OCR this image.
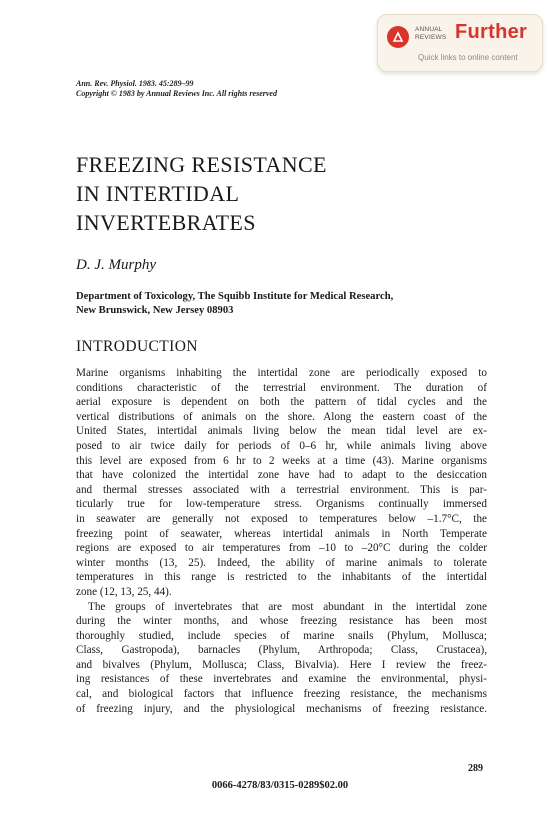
ANNUAL
REVIEWS Further
Quick links to online content
Ann. Rev. Physiol. 1983. 45:289–99
Copyright © 1983 by Annual Reviews Inc. All rights reserved
FREEZING RESISTANCE
IN INTERTIDAL
INVERTEBRATES
D. J. Murphy
Department of Toxicology, The Squibb Institute for Medical Research,
New Brunswick, New Jersey 08903
INTRODUCTION
Marine organisms inhabiting the intertidal zone are periodically exposed to
conditions characteristic of the terrestrial environment. The duration of
aerial exposure is dependent on both the pattern of tidal cycles and the
vertical distributions of animals on the shore. Along the eastern coast of the
United States, intertidal animals living below the mean tidal level are ex-
posed to air twice daily for periods of 0–6 hr, while animals living above
this level are exposed from 6 hr to 2 weeks at a time (43). Marine organisms
that have colonized the intertidal zone have had to adapt to the desiccation
and thermal stresses associated with a terrestrial environment. This is par-
ticularly true for low-temperature stress. Organisms continually immersed
in seawater are generally not exposed to temperatures below –1.7°C, the
freezing point of seawater, whereas intertidal animals in North Temperate
regions are exposed to air temperatures from –10 to –20°C during the colder
winter months (13, 25). Indeed, the ability of marine animals to tolerate
temperatures in this range is restricted to the inhabitants of the intertidal
zone (12, 13, 25, 44).
The groups of invertebrates that are most abundant in the intertidal zone
during the winter months, and whose freezing resistance has been most
thoroughly studied, include species of marine snails (Phylum, Mollusca;
Class, Gastropoda), barnacles (Phylum, Arthropoda; Class, Crustacea),
and bivalves (Phylum, Mollusca; Class, Bivalvia). Here I review the freez-
ing resistances of these invertebrates and examine the environmental, physi-
cal, and biological factors that influence freezing resistance, the mechanisms
of freezing injury, and the physiological mechanisms of freezing resistance.
289
0066-4278/83/0315-0289$02.00
